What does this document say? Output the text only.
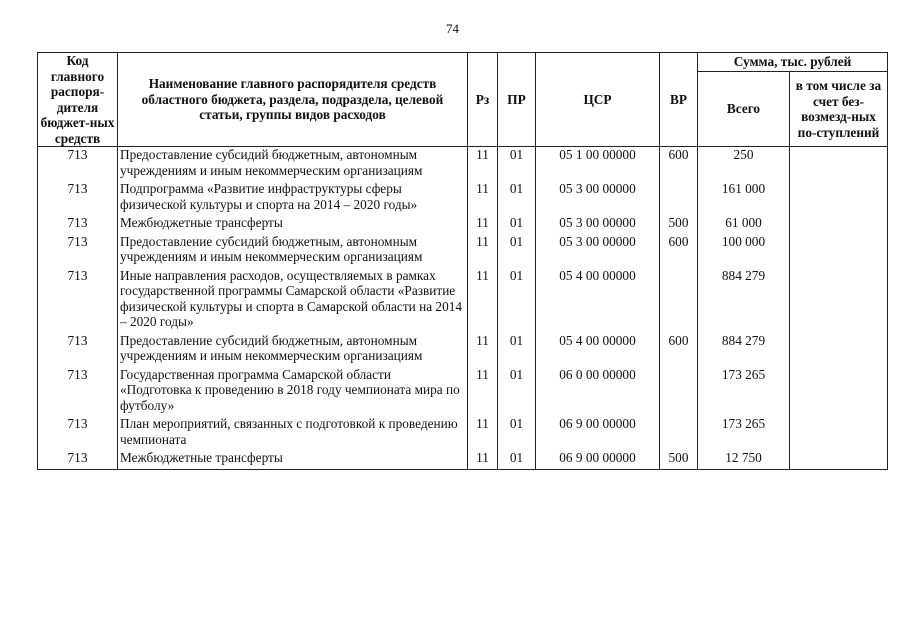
74
Код главного распоря-дителя бюджет-ных средств	Наименование главного распорядителя средств областного бюджета, раздела, подраздела, целевой статьи, группы видов расходов	Рз	ПР	ЦСР	ВР	Сумма, тыс. рублей	
						Всего	в том числе за счет без-возмезд-ных по-ступлений
713	Предоставление субсидий бюджетным, автономным учреждениям и иным некоммерческим организациям	11	01	05 1 00 00000	600	250	
713	Подпрограмма «Развитие инфраструктуры сферы физической культуры и спорта на 2014 – 2020 годы»	11	01	05 3 00 00000		161 000	
713	Межбюджетные трансферты	11	01	05 3 00 00000	500	61 000	
713	Предоставление субсидий бюджетным, автономным учреждениям и иным некоммерческим организациям	11	01	05 3 00 00000	600	100 000	
713	Иные направления расходов, осуществляемых в рамках государственной программы Самарской области «Развитие физической культуры и спорта в Самарской области на 2014 – 2020 годы»	11	01	05 4 00 00000		884 279	
713	Предоставление субсидий бюджетным, автономным учреждениям и иным некоммерческим организациям	11	01	05 4 00 00000	600	884 279	
713	Государственная программа Самарской области «Подготовка к проведению в 2018 году чемпионата мира по футболу»	11	01	06 0 00 00000		173 265	
713	План мероприятий, связанных с подготовкой к проведению чемпионата	11	01	06 9 00 00000		173 265	
713	Межбюджетные трансферты	11	01	06 9 00 00000	500	12 750	
